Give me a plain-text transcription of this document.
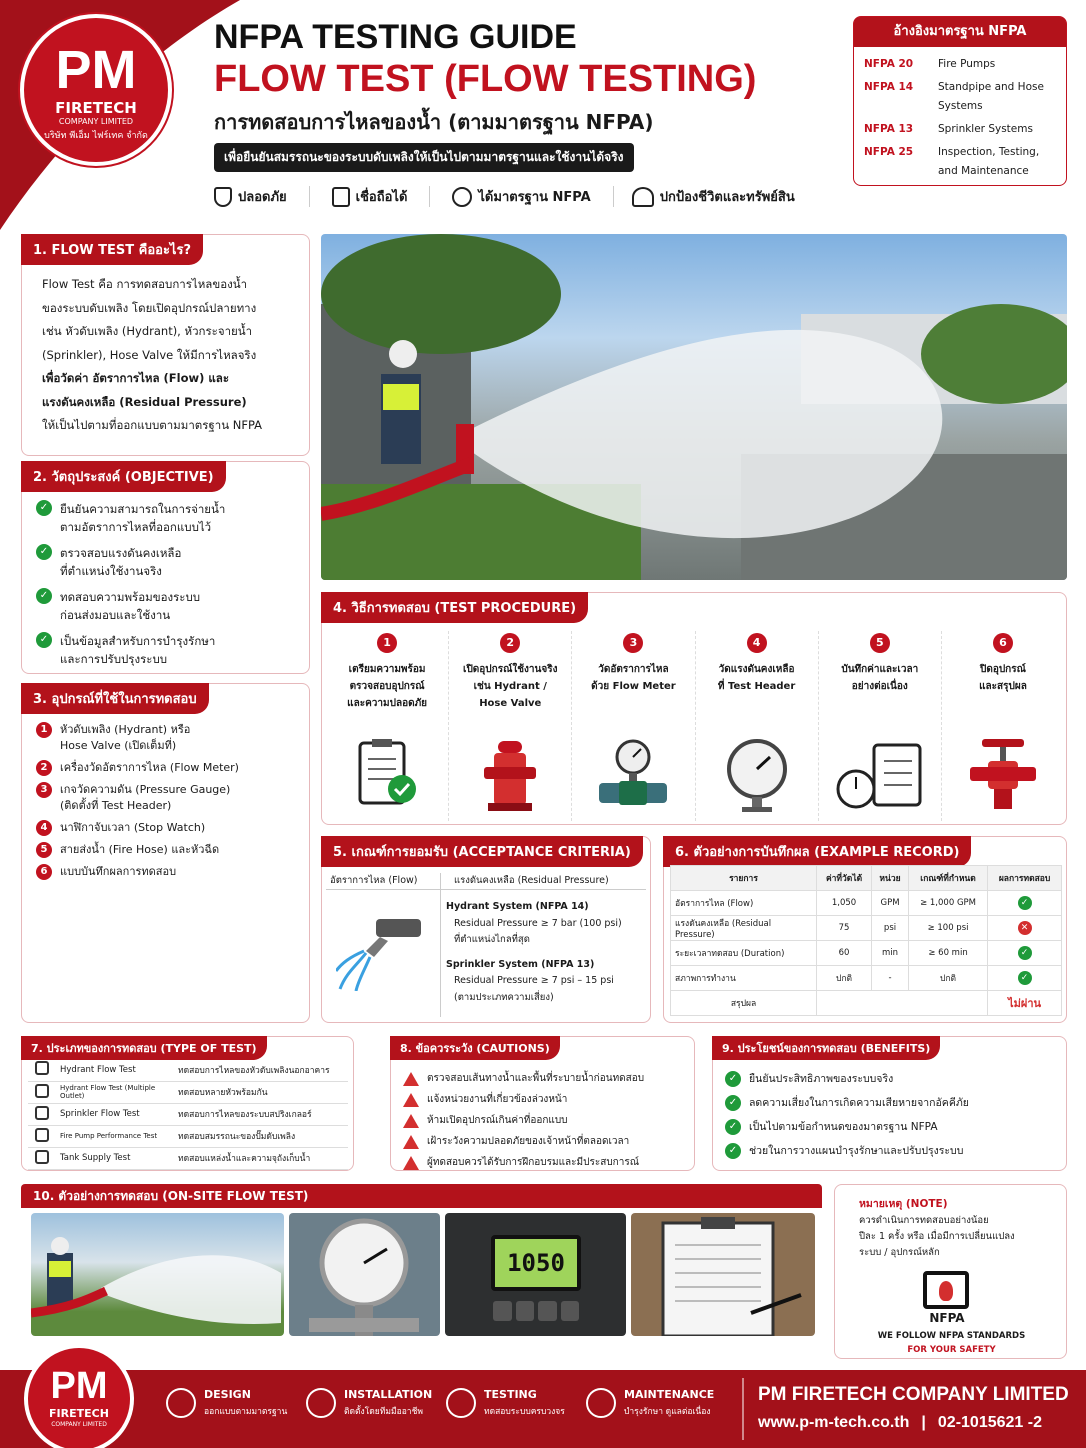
PM
FIRETECH
COMPANY LIMITED
บริษัท พีเอ็ม ไฟร์เทค จำกัด
NFPA TESTING GUIDE
FLOW TEST (FLOW TESTING)
การทดสอบการไหลของน้ำ (ตามมาตรฐาน NFPA)
เพื่อยืนยันสมรรถนะของระบบดับเพลิงให้เป็นไปตามมาตรฐานและใช้งานได้จริง
ปลอดภัย	เชื่อถือได้	ได้มาตรฐาน NFPA	ปกป้องชีวิตและทรัพย์สิน
อ้างอิงมาตรฐาน NFPA
NFPA 20	Fire Pumps
NFPA 14	Standpipe and Hose Systems
NFPA 13	Sprinkler Systems
NFPA 25	Inspection, Testing, and Maintenance
1. FLOW TEST คืออะไร?
Flow Test คือ การทดสอบการไหลของน้ำ
ของระบบดับเพลิง โดยเปิดอุปกรณ์ปลายทาง
เช่น หัวดับเพลิง (Hydrant), หัวกระจายน้ำ
(Sprinkler), Hose Valve ให้มีการไหลจริง
เพื่อวัดค่า อัตราการไหล (Flow) และ
แรงดันคงเหลือ (Residual Pressure)
ให้เป็นไปตามที่ออกแบบตามมาตรฐาน NFPA
2. วัตถุประสงค์ (OBJECTIVE)
✓	ยืนยันความสามารถในการจ่ายน้ำ
ตามอัตราการไหลที่ออกแบบไว้
✓	ตรวจสอบแรงดันคงเหลือ
ที่ตำแหน่งใช้งานจริง
✓	ทดสอบความพร้อมของระบบ
ก่อนส่งมอบและใช้งาน
✓	เป็นข้อมูลสำหรับการบำรุงรักษา
และการปรับปรุงระบบ
3. อุปกรณ์ที่ใช้ในการทดสอบ
1	หัวดับเพลิง (Hydrant) หรือ
Hose Valve (เปิดเต็มที่)
2	เครื่องวัดอัตราการไหล (Flow Meter)
3	เกจวัดความดัน (Pressure Gauge)
(ติดตั้งที่ Test Header)
4	นาฬิกาจับเวลา (Stop Watch)
5	สายส่งน้ำ (Fire Hose) และหัวฉีด
6	แบบบันทึกผลการทดสอบ
4. วิธีการทดสอบ (TEST PROCEDURE)
1
เตรียมความพร้อม
ตรวจสอบอุปกรณ์
และความปลอดภัย
2
เปิดอุปกรณ์ใช้งานจริง
เช่น Hydrant /
Hose Valve
3
วัดอัตราการไหล
ด้วย Flow Meter
4
วัดแรงดันคงเหลือ
ที่ Test Header
5
บันทึกค่าและเวลา
อย่างต่อเนื่อง
6
ปิดอุปกรณ์
และสรุปผล
5. เกณฑ์การยอมรับ (ACCEPTANCE CRITERIA)
อัตราการไหล (Flow)	แรงดันคงเหลือ (Residual Pressure)
Hydrant System (NFPA 14)
Residual Pressure ≥ 7 bar (100 psi)
ที่ตำแหน่งไกลที่สุด
Sprinkler System (NFPA 13)
Residual Pressure ≥ 7 psi – 15 psi
(ตามประเภทความเสี่ยง)
6. ตัวอย่างการบันทึกผล (EXAMPLE RECORD)
รายการ	ค่าที่วัดได้	หน่วย	เกณฑ์ที่กำหนด	ผลการทดสอบ
อัตราการไหล (Flow)	1,050	GPM	≥ 1,000 GPM	✓
แรงดันคงเหลือ (Residual Pressure)	75	psi	≥ 100 psi	✕
ระยะเวลาทดสอบ (Duration)	60	min	≥ 60 min	✓
สภาพการทำงาน	ปกติ	-	ปกติ	✓
สรุปผล				ไม่ผ่าน
7. ประเภทของการทดสอบ (TYPE OF TEST)
	Hydrant Flow Test	ทดสอบการไหลของหัวดับเพลิงนอกอาคาร
	Hydrant Flow Test (Multiple Outlet)	ทดสอบหลายหัวพร้อมกัน
	Sprinkler Flow Test	ทดสอบการไหลของระบบสปริงเกลอร์
	Fire Pump Performance Test	ทดสอบสมรรถนะของปั๊มดับเพลิง
	Tank Supply Test	ทดสอบแหล่งน้ำและความจุถังเก็บน้ำ
8. ข้อควรระวัง (CAUTIONS)
ตรวจสอบเส้นทางน้ำและพื้นที่ระบายน้ำก่อนทดสอบ
แจ้งหน่วยงานที่เกี่ยวข้องล่วงหน้า
ห้ามเปิดอุปกรณ์เกินค่าที่ออกแบบ
เฝ้าระวังความปลอดภัยของเจ้าหน้าที่ตลอดเวลา
ผู้ทดสอบควรได้รับการฝึกอบรมและมีประสบการณ์
9. ประโยชน์ของการทดสอบ (BENEFITS)
✓	ยืนยันประสิทธิภาพของระบบจริง
✓	ลดความเสี่ยงในการเกิดความเสียหายจากอัคคีภัย
✓	เป็นไปตามข้อกำหนดของมาตรฐาน NFPA
✓	ช่วยในการวางแผนบำรุงรักษาและปรับปรุงระบบ
10. ตัวอย่างการทดสอบ (ON-SITE FLOW TEST)
1050
หมายเหตุ (NOTE)
ควรดำเนินการทดสอบอย่างน้อย
ปีละ 1 ครั้ง หรือ เมื่อมีการเปลี่ยนแปลง
ระบบ / อุปกรณ์หลัก
NFPA
WE FOLLOW NFPA STANDARDS
FOR YOUR SAFETY
PM
FIRETECH
COMPANY LIMITED
DESIGN
ออกแบบตามมาตรฐาน
INSTALLATION
ติดตั้งโดยทีมมืออาชีพ
TESTING
ทดสอบระบบครบวงจร
MAINTENANCE
บำรุงรักษา ดูแลต่อเนื่อง
PM FIRETECH COMPANY LIMITED
www.p-m-tech.co.th | 02-1015621 -2
